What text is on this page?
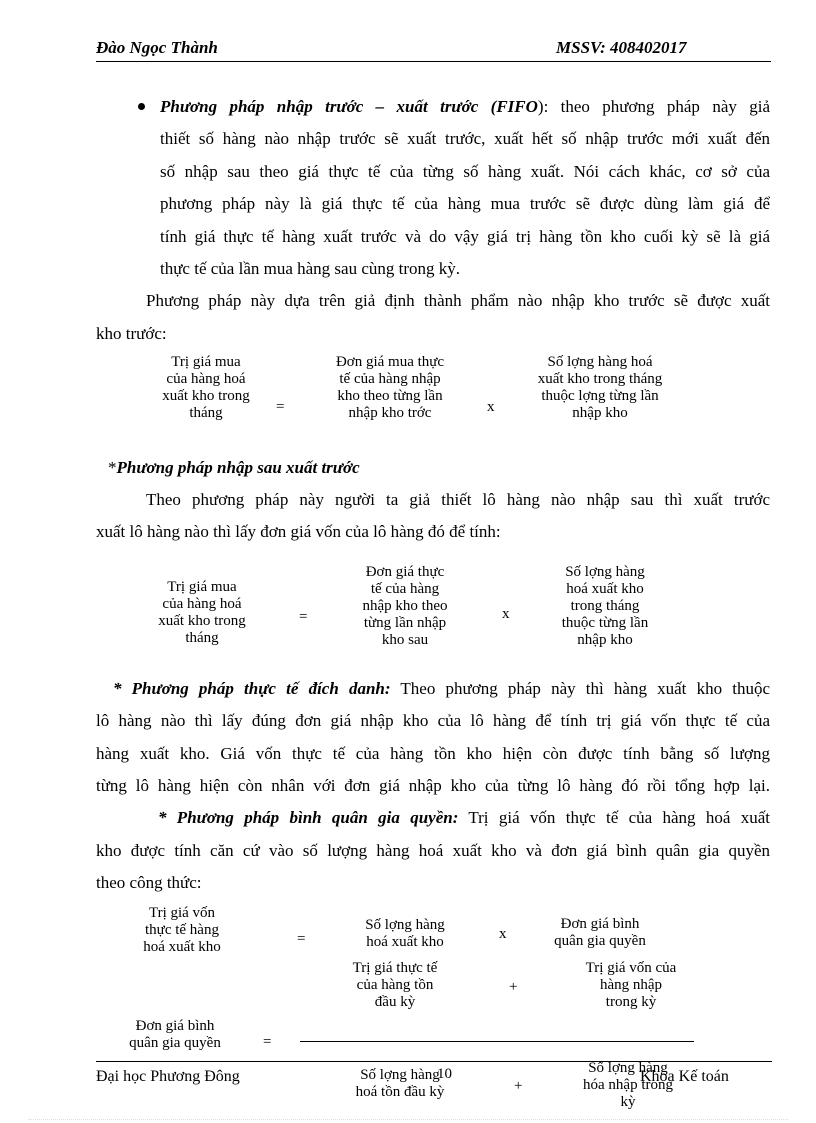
Đào Ngọc Thành	MSSV: 408402017
Phương pháp nhập trước – xuất trước (FIFO): theo phương pháp này giả
thiết số hàng nào nhập trước sẽ xuất trước, xuất hết số nhập trước mới xuất đến
số nhập sau theo giá thực tế của từng số hàng xuất. Nói cách khác, cơ sở của
phương pháp này là giá thực tế của hàng mua trước sẽ được dùng làm giá để
tính giá thực tế hàng xuất trước và do vậy giá trị hàng tồn kho cuối kỳ sẽ là giá
thực tế của lần mua hàng sau cùng trong kỳ.
Phương pháp này dựa trên giả định thành phẩm nào nhập kho trước sẽ được xuất
kho trước:
Trị giá mua
của hàng hoá
xuất kho trong
tháng	=
Đơn giá mua thực
tế của hàng nhập
kho theo từng lần
nhập kho trớc	x
Số lợng hàng hoá
xuất kho trong tháng
thuộc lợng từng lần
nhập kho
*Phương pháp nhập sau xuất trước
Theo phương pháp này người ta giả thiết lô hàng nào nhập sau thì xuất trước
xuất lô hàng nào thì lấy đơn giá vốn của lô hàng đó để tính:
Trị giá mua
của hàng hoá
xuất kho trong
tháng
=
Đơn giá thực
tế của hàng
nhập kho theo
từng lần nhập
kho sau
x
Số lợng hàng
hoá xuất kho
trong tháng
thuộc từng lần
nhập kho
* Phương pháp thực tế đích danh: Theo phương pháp này thì hàng xuất kho thuộc
lô hàng nào thì lấy đúng đơn giá nhập kho của lô hàng để tính trị giá vốn thực tế của
hàng xuất kho. Giá vốn thực tế của hàng tồn kho hiện còn được tính bằng số lượng
từng lô hàng hiện còn nhân với đơn giá nhập kho của từng lô hàng đó rồi tổng hợp lại.
* Phương pháp bình quân gia quyền: Trị giá vốn thực tế của hàng hoá xuất
kho được tính căn cứ vào số lượng hàng hoá xuất kho và đơn giá bình quân gia quyền
theo công thức:
Trị giá vốn
thực tế hàng
hoá xuất kho	=
Số lợng hàng
hoá xuất kho	x
Đơn giá bình
quân gia quyền
Trị giá thực tế
của hàng tồn
đầu kỳ
+
Trị giá vốn của
hàng nhập
trong kỳ
Đơn giá bình
quân gia quyền	=
Số lợng hàng
hoá tồn đầu kỳ	+
Số lợng hàng
hóa nhập trong
kỳ
Đại học Phương Đông	10	Khoa Kế toán
